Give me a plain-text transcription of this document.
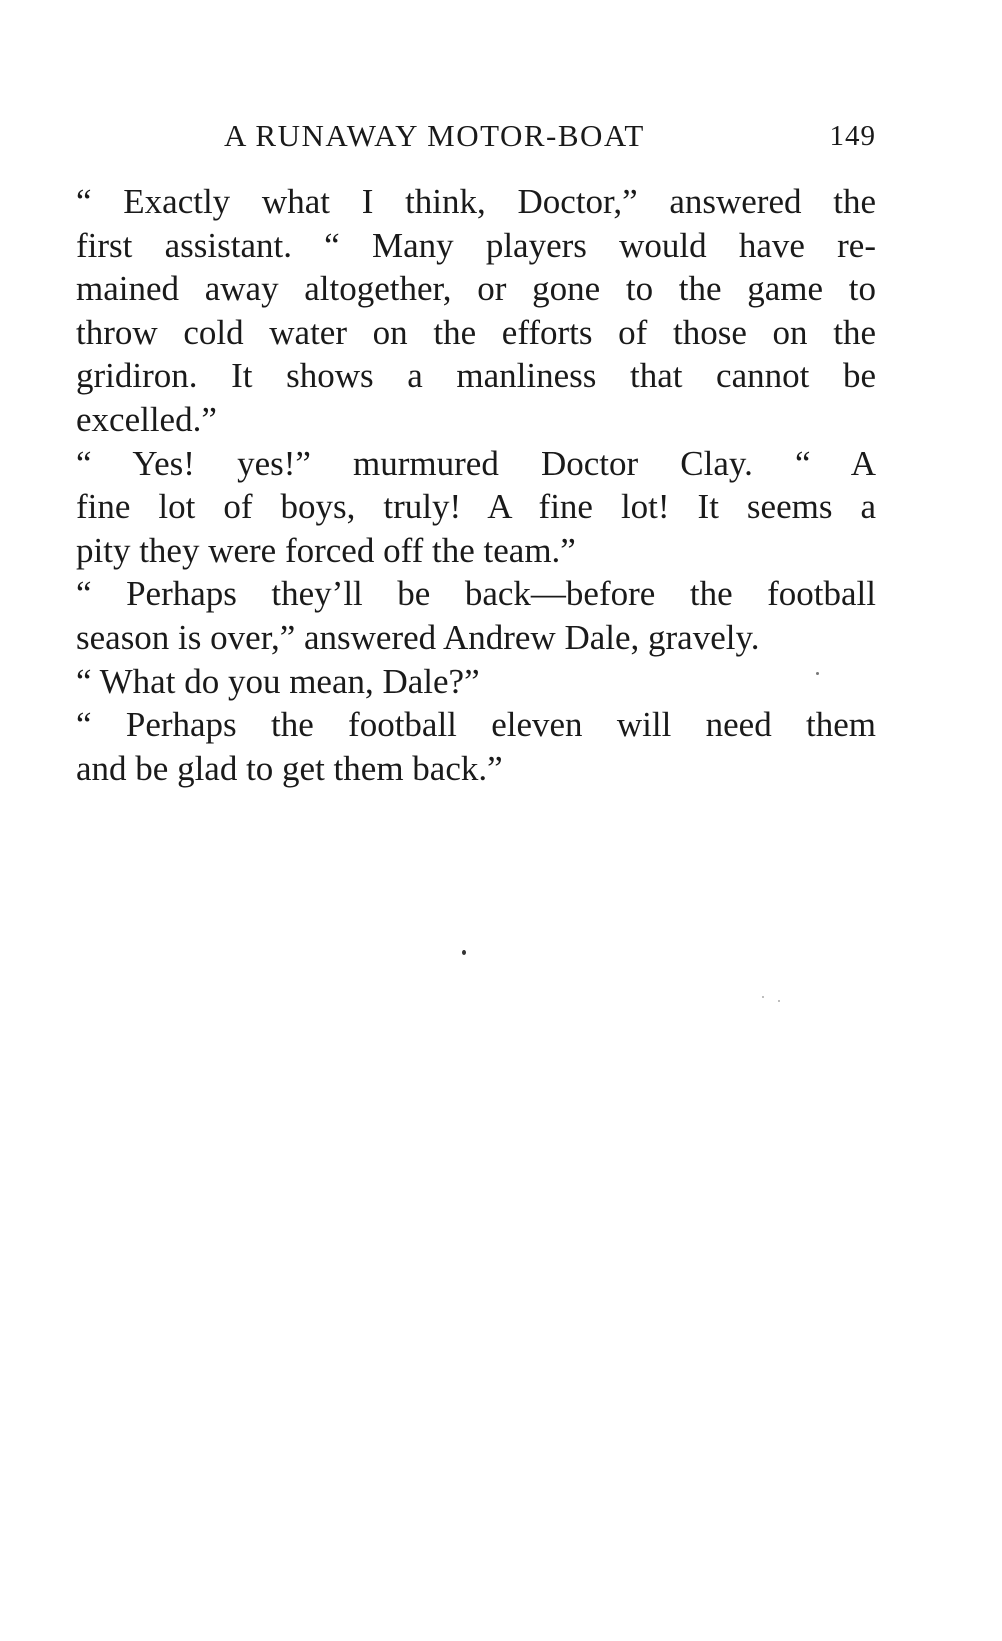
A RUNAWAY MOTOR-BOAT	149
“ Exactly what I think, Doctor,” answered the
first assistant. “ Many players would have re-
mained away altogether, or gone to the game to
throw cold water on the efforts of those on the
gridiron. It shows a manliness that cannot be
excelled.”
“ Yes! yes!” murmured Doctor Clay. “ A
fine lot of boys, truly! A fine lot! It seems a
pity they were forced off the team.”
“ Perhaps they’ll be back—before the football
season is over,” answered Andrew Dale, gravely.
“ What do you mean, Dale?”
“ Perhaps the football eleven will need them
and be glad to get them back.”
